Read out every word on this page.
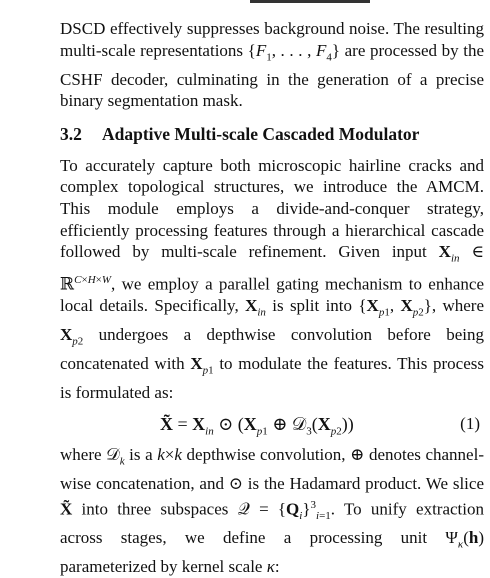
DSCD effectively suppresses background noise. The resulting multi-scale representations {$F_1$, . . . , $F_4$} are processed by the CSHF decoder, culminating in the generation of a precise binary segmentation mask.

3.2 Adaptive Multi-scale Cascaded Modulator

To accurately capture both microscopic hairline cracks and complex topological structures, we introduce the AMCM. This module employs a divide-and-conquer strategy, efficiently processing features through a hierarchical cascade followed by multi-scale refinement. Given input $X_{in}$ ∈ ℝ$^{C\times H\times W}$, we employ a parallel gating mechanism to enhance local details. Specifically, $X_{in}$ is split into {$X_{p1}$, $X_{p2}$}, where $X_{p2}$ undergoes a depthwise convolution before being concatenated with $X_{p1}$ to modulate the features. This process is formulated as:

X̃ = $X_{in}$ ⊙ ($X_{p1}$ ⊕ $𝒟_3(X_{p2})$)	(1)

where 𝒟$_k$ is a k×k depthwise convolution, ⊕ denotes channel-wise concatenation, and ⊙ is the Hadamard product. We slice X̃ into three subspaces 𝒬 = $\{Q_i\}^3_{i=1}$. To unify extraction across stages, we define a processing unit $\Psi_\kappa(h)$ parameterized by kernel scale κ:
